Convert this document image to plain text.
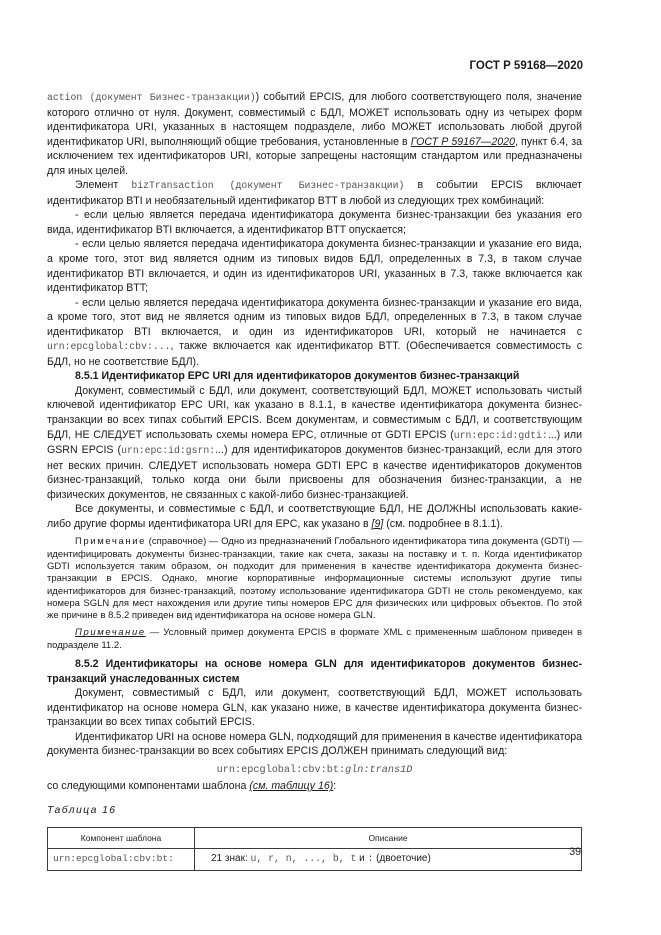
ГОСТ Р 59168—2020

action (документ Бизнес-транзакции)) событий EPCIS, для любого соответствующего поля, значение которого отлично от нуля. Документ, совместимый с БДЛ, МОЖЕТ использовать одну из четырех форм идентификатора URI, указанных в настоящем подразделе, либо МОЖЕТ использовать любой другой идентификатор URI, выполняющий общие требования, установленные в ГОСТ Р 59167—2020, пункт 6.4, за исключением тех идентификаторов URI, которые запрещены настоящим стандартом или предназначены для иных целей.

Элемент bizTransaction (документ Бизнес-транзакции) в событии EPCIS включает идентификатор BTI и необязательный идентификатор BTT в любой из следующих трех комбинаций:

- если целью является передача идентификатора документа бизнес-транзакции без указания его вида, идентификатор BTI включается, а идентификатор BTT опускается;

- если целью является передача идентификатора документа бизнес-транзакции и указание его вида, а кроме того, этот вид является одним из типовых видов БДЛ, определенных в 7.3, в таком случае идентификатор BTI включается, и один из идентификаторов URI, указанных в 7.3, также включается как идентификатор BTT;

- если целью является передача идентификатора документа бизнес-транзакции и указание его вида, а кроме того, этот вид не является одним из типовых видов БДЛ, определенных в 7.3, в таком случае идентификатор BTI включается, и один из идентификаторов URI, который не начинается с urn:epcglobal:cbv:..., также включается как идентификатор BTT. (Обеспечивается совместимость с БДЛ, но не соответствие БДЛ).

8.5.1 Идентификатор EPC URI для идентификаторов документов бизнес-транзакций

Документ, совместимый с БДЛ, или документ, соответствующий БДЛ, МОЖЕТ использовать чистый ключевой идентификатор EPC URI, как указано в 8.1.1, в качестве идентификатора документа бизнес-транзакции во всех типах событий EPCIS. Всем документам, и совместимым с БДЛ, и соответствующим БДЛ, НЕ СЛЕДУЕТ использовать схемы номера EPC, отличные от GDTI EPCIS (urn:epc:id:gdti:...) или GSRN EPCIS (urn:epc:id:gsrn:...) для идентификаторов документов бизнес-транзакций, если для этого нет веских причин. СЛЕДУЕТ использовать номера GDTI EPC в качестве идентификаторов документов бизнес-транзакций, только когда они были присвоены для обозначения бизнес-транзакции, а не физических документов, не связанных с какой-либо бизнес-транзакцией.

Все документы, и совместимые с БДЛ, и соответствующие БДЛ, НЕ ДОЛЖНЫ использовать какие-либо другие формы идентификатора URI для EPC, как указано в [9] (см. подробнее в 8.1.1).

Примечание (справочное) — Одно из предназначений Глобального идентификатора типа документа (GDTI) — идентифицировать документы бизнес-транзакции, такие как счета, заказы на поставку и т. п. Когда идентификатор GDTI используется таким образом, он подходит для применения в качестве идентификатора документа бизнес-транзакции в EPCIS. Однако, многие корпоративные информационные системы используют другие типы идентификаторов для бизнес-транзакций, поэтому использование идентификатора GDTI не столь рекомендуемо, как номера SGLN для мест нахождения или другие типы номеров EPC для физических или цифровых объектов. По этой же причине в 8.5.2 приведен вид идентификатора на основе номера GLN.

Примечание — Условный пример документа EPCIS в формате XML с примененным шаблоном приведен в подразделе 11.2.

8.5.2 Идентификаторы на основе номера GLN для идентификаторов документов бизнес-транзакций унаследованных систем

Документ, совместимый с БДЛ, или документ, соответствующий БДЛ, МОЖЕТ использовать идентификатор на основе номера GLN, как указано ниже, в качестве идентификатора документа бизнес-транзакции во всех типах событий EPCIS.

Идентификатор URI на основе номера GLN, подходящий для применения в качестве идентификатора документа бизнес-транзакции во всех событиях EPCIS ДОЛЖЕН принимать следующий вид:

urn:epcglobal:cbv:bt:gln:trans1D

со следующими компонентами шаблона (см. таблицу 16):

Таблица 16

Компонент шаблона	Описание
urn:epcglobal:cbv:bt:	21 знак: u, r, n, ..., b, t и : (двоеточие)
39
